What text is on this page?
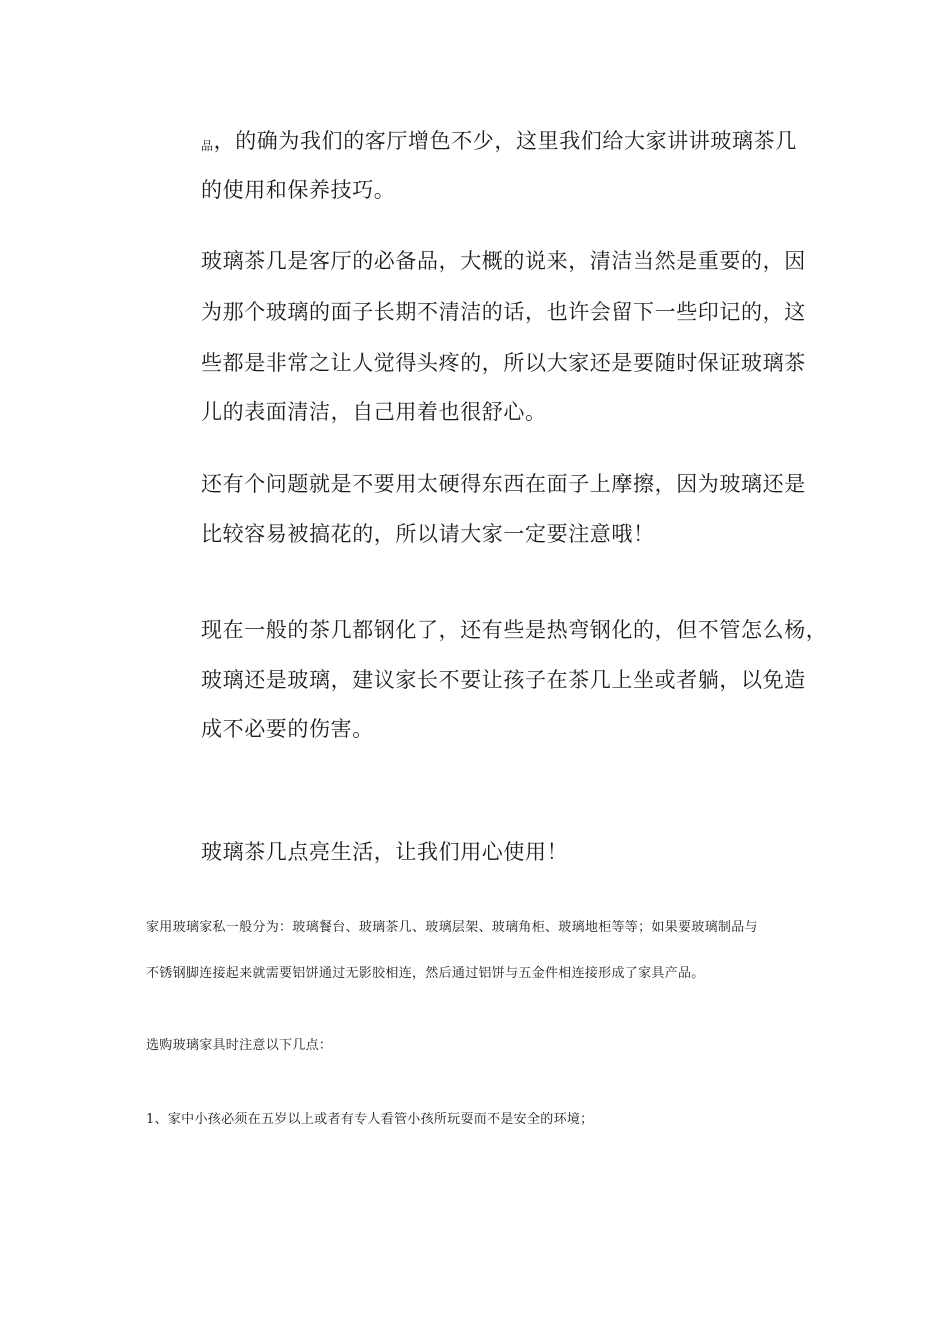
品，的确为我们的客厅增色不少，这里我们给大家讲讲玻璃茶几
的使用和保养技巧。
玻璃茶几是客厅的必备品，大概的说来，清洁当然是重要的，因
为那个玻璃的面子长期不清洁的话，也许会留下一些印记的，这
些都是非常之让人觉得头疼的，所以大家还是要随时保证玻璃茶
儿的表面清洁，自己用着也很舒心。
还有个问题就是不要用太硬得东西在面子上摩擦，因为玻璃还是
比较容易被搞花的，所以请大家一定要注意哦！
现在一般的茶几都钢化了，还有些是热弯钢化的，但不管怎么杨，
玻璃还是玻璃，建议家长不要让孩子在茶几上坐或者躺，以免造
成不必要的伤害。
玻璃茶几点亮生活，让我们用心使用！
家用玻璃家私一般分为：玻璃餐台、玻璃茶几、玻璃层架、玻璃角柜、玻璃地柜等等；如果要玻璃制品与
不锈钢脚连接起来就需要铝饼通过无影胶相连，然后通过铝饼与五金件相连接形成了家具产品。
选购玻璃家具时注意以下几点：
1、家中小孩必须在五岁以上或者有专人看管小孩所玩耍而不是安全的环境；
